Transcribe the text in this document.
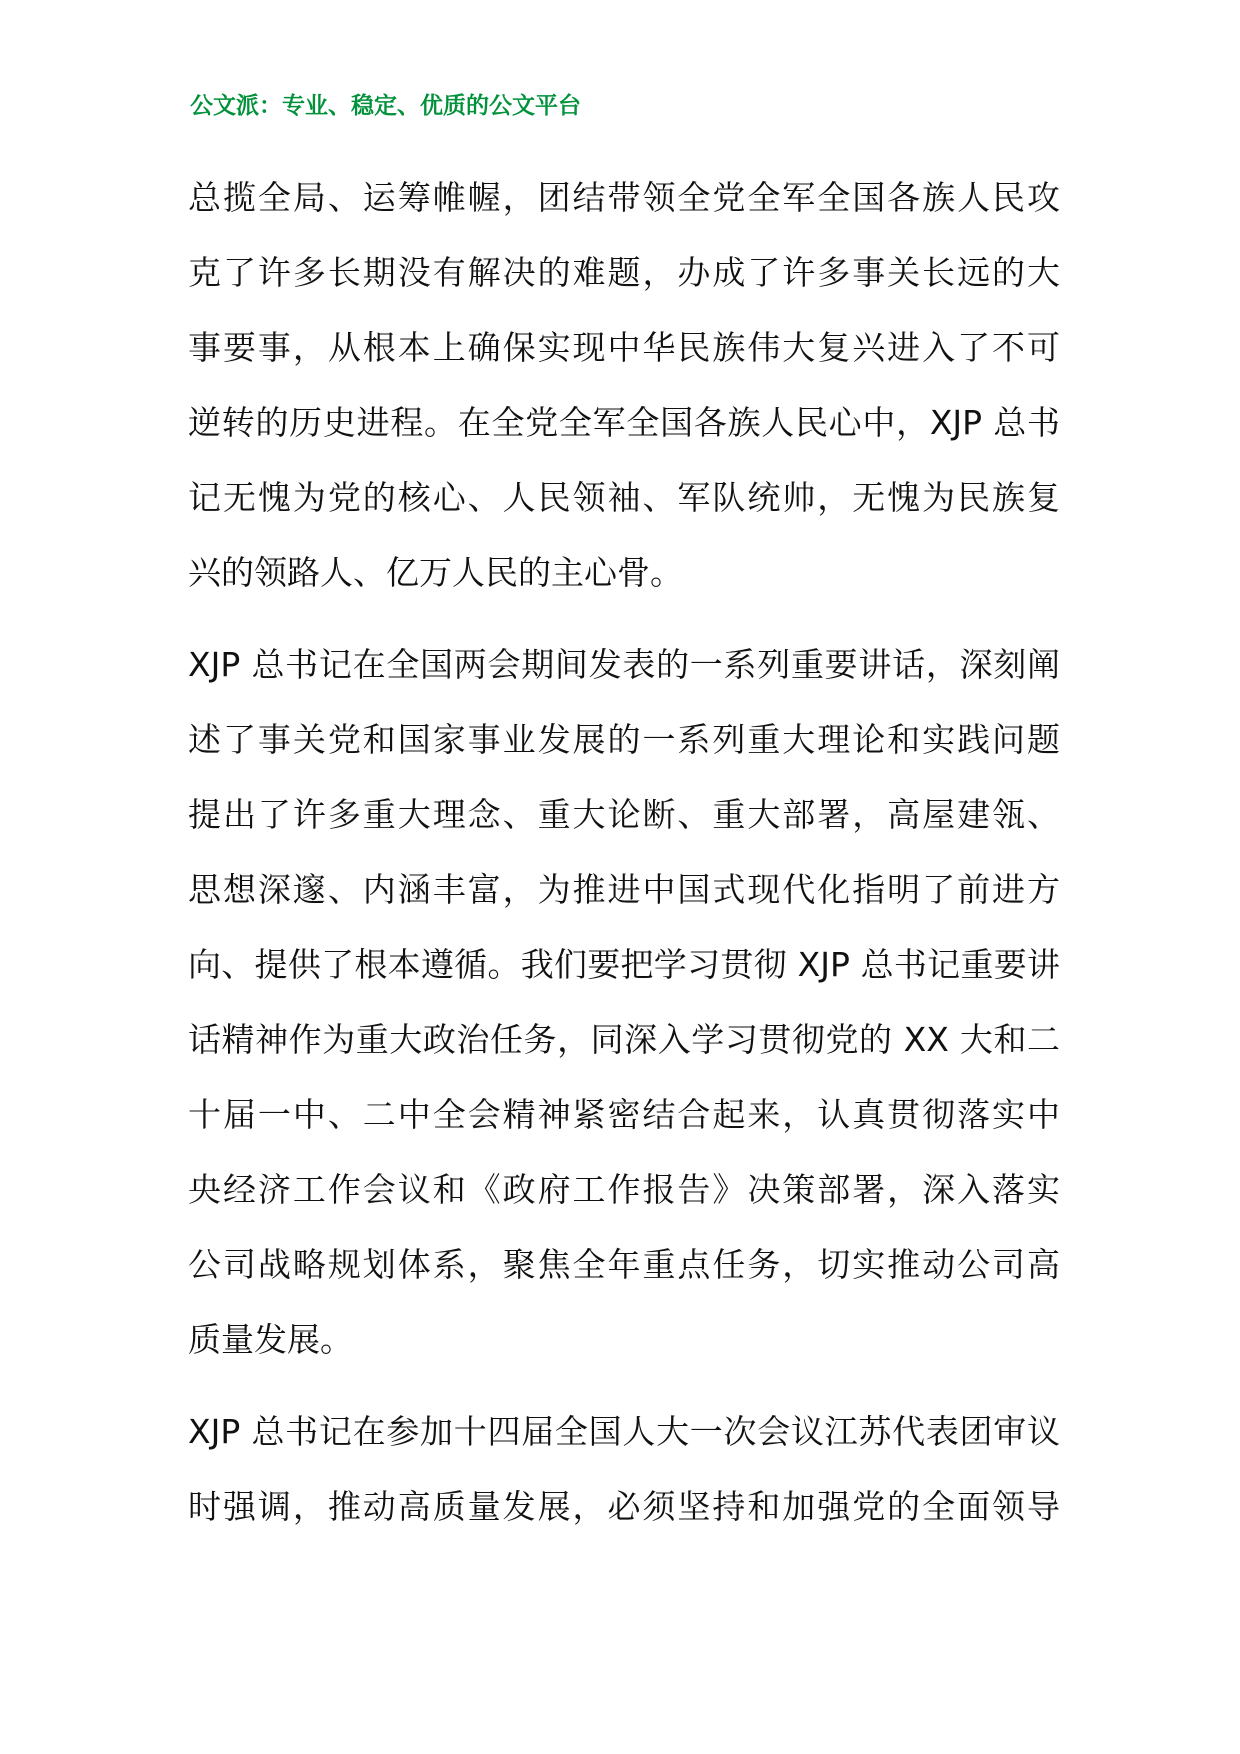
公文派：专业、稳定、优质的公文平台
总揽全局、运筹帷幄，团结带领全党全军全国各族人民攻
克了许多长期没有解决的难题，办成了许多事关长远的大
事要事，从根本上确保实现中华民族伟大复兴进入了不可
逆转的历史进程。在全党全军全国各族人民心中，XJP 总书
记无愧为党的核心、人民领袖、军队统帅，无愧为民族复
兴的领路人、亿万人民的主心骨。
XJP 总书记在全国两会期间发表的一系列重要讲话，深刻阐
述了事关党和国家事业发展的一系列重大理论和实践问题
提出了许多重大理念、重大论断、重大部署，高屋建瓴、
思想深邃、内涵丰富，为推进中国式现代化指明了前进方
向、提供了根本遵循。我们要把学习贯彻 XJP 总书记重要讲
话精神作为重大政治任务，同深入学习贯彻党的 XX 大和二
十届一中、二中全会精神紧密结合起来，认真贯彻落实中
央经济工作会议和《政府工作报告》决策部署，深入落实
公司战略规划体系，聚焦全年重点任务，切实推动公司高
质量发展。
XJP 总书记在参加十四届全国人大一次会议江苏代表团审议
时强调，推动高质量发展，必须坚持和加强党的全面领导
